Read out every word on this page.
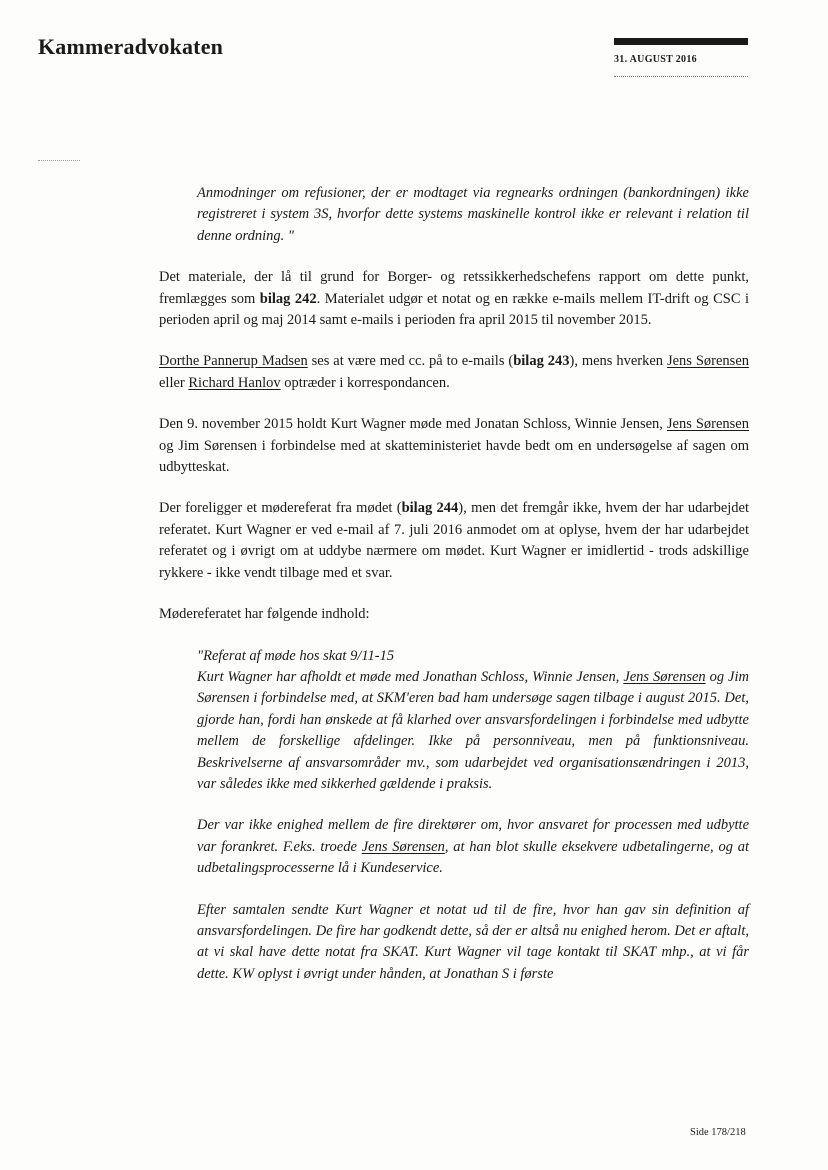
Kammeradvokaten
31. AUGUST 2016

Anmodninger om refusioner, der er modtaget via regnearks ordningen (bankordningen) ikke registreret i system 3S, hvorfor dette systems maskinelle kontrol ikke er relevant i relation til denne ordning. "

Det materiale, der lå til grund for Borger- og retssikkerhedschefens rapport om dette punkt, fremlægges som bilag 242. Materialet udgør et notat og en række e-mails mellem IT-drift og CSC i perioden april og maj 2014 samt e-mails i perioden fra april 2015 til november 2015.

Dorthe Pannerup Madsen ses at være med cc. på to e-mails (bilag 243), mens hverken Jens Sørensen eller Richard Hanlov optræder i korrespondancen.

Den 9. november 2015 holdt Kurt Wagner møde med Jonatan Schloss, Winnie Jensen, Jens Sørensen og Jim Sørensen i forbindelse med at skatteministeriet havde bedt om en undersøgelse af sagen om udbytteskat.

Der foreligger et mødereferat fra mødet (bilag 244), men det fremgår ikke, hvem der har udarbejdet referatet. Kurt Wagner er ved e-mail af 7. juli 2016 anmodet om at oplyse, hvem der har udarbejdet referatet og i øvrigt om at uddybe nærmere om mødet. Kurt Wagner er imidlertid - trods adskillige rykkere - ikke vendt tilbage med et svar.

Mødereferatet har følgende indhold:

"Referat af møde hos skat 9/11-15
Kurt Wagner har afholdt et møde med Jonathan Schloss, Winnie Jensen, Jens Sørensen og Jim Sørensen i forbindelse med, at SKM'eren bad ham undersøge sagen tilbage i august 2015. Det, gjorde han, fordi han ønskede at få klarhed over ansvarsfordelingen i forbindelse med udbytte mellem de forskellige afdelinger. Ikke på personniveau, men på funktionsniveau. Beskrivelserne af ansvarsområder mv., som udarbejdet ved organisationsændringen i 2013, var således ikke med sikkerhed gældende i praksis.

Der var ikke enighed mellem de fire direktører om, hvor ansvaret for processen med udbytte var forankret. F.eks. troede Jens Sørensen, at han blot skulle eksekvere udbetalingerne, og at udbetalingsprocesserne lå i Kundeservice.

Efter samtalen sendte Kurt Wagner et notat ud til de fire, hvor han gav sin definition af ansvarsfordelingen. De fire har godkendt dette, så der er altså nu enighed herom. Det er aftalt, at vi skal have dette notat fra SKAT. Kurt Wagner vil tage kontakt til SKAT mhp., at vi får dette. KW oplyst i øvrigt under hånden, at Jonathan S i første

Side 178/218
